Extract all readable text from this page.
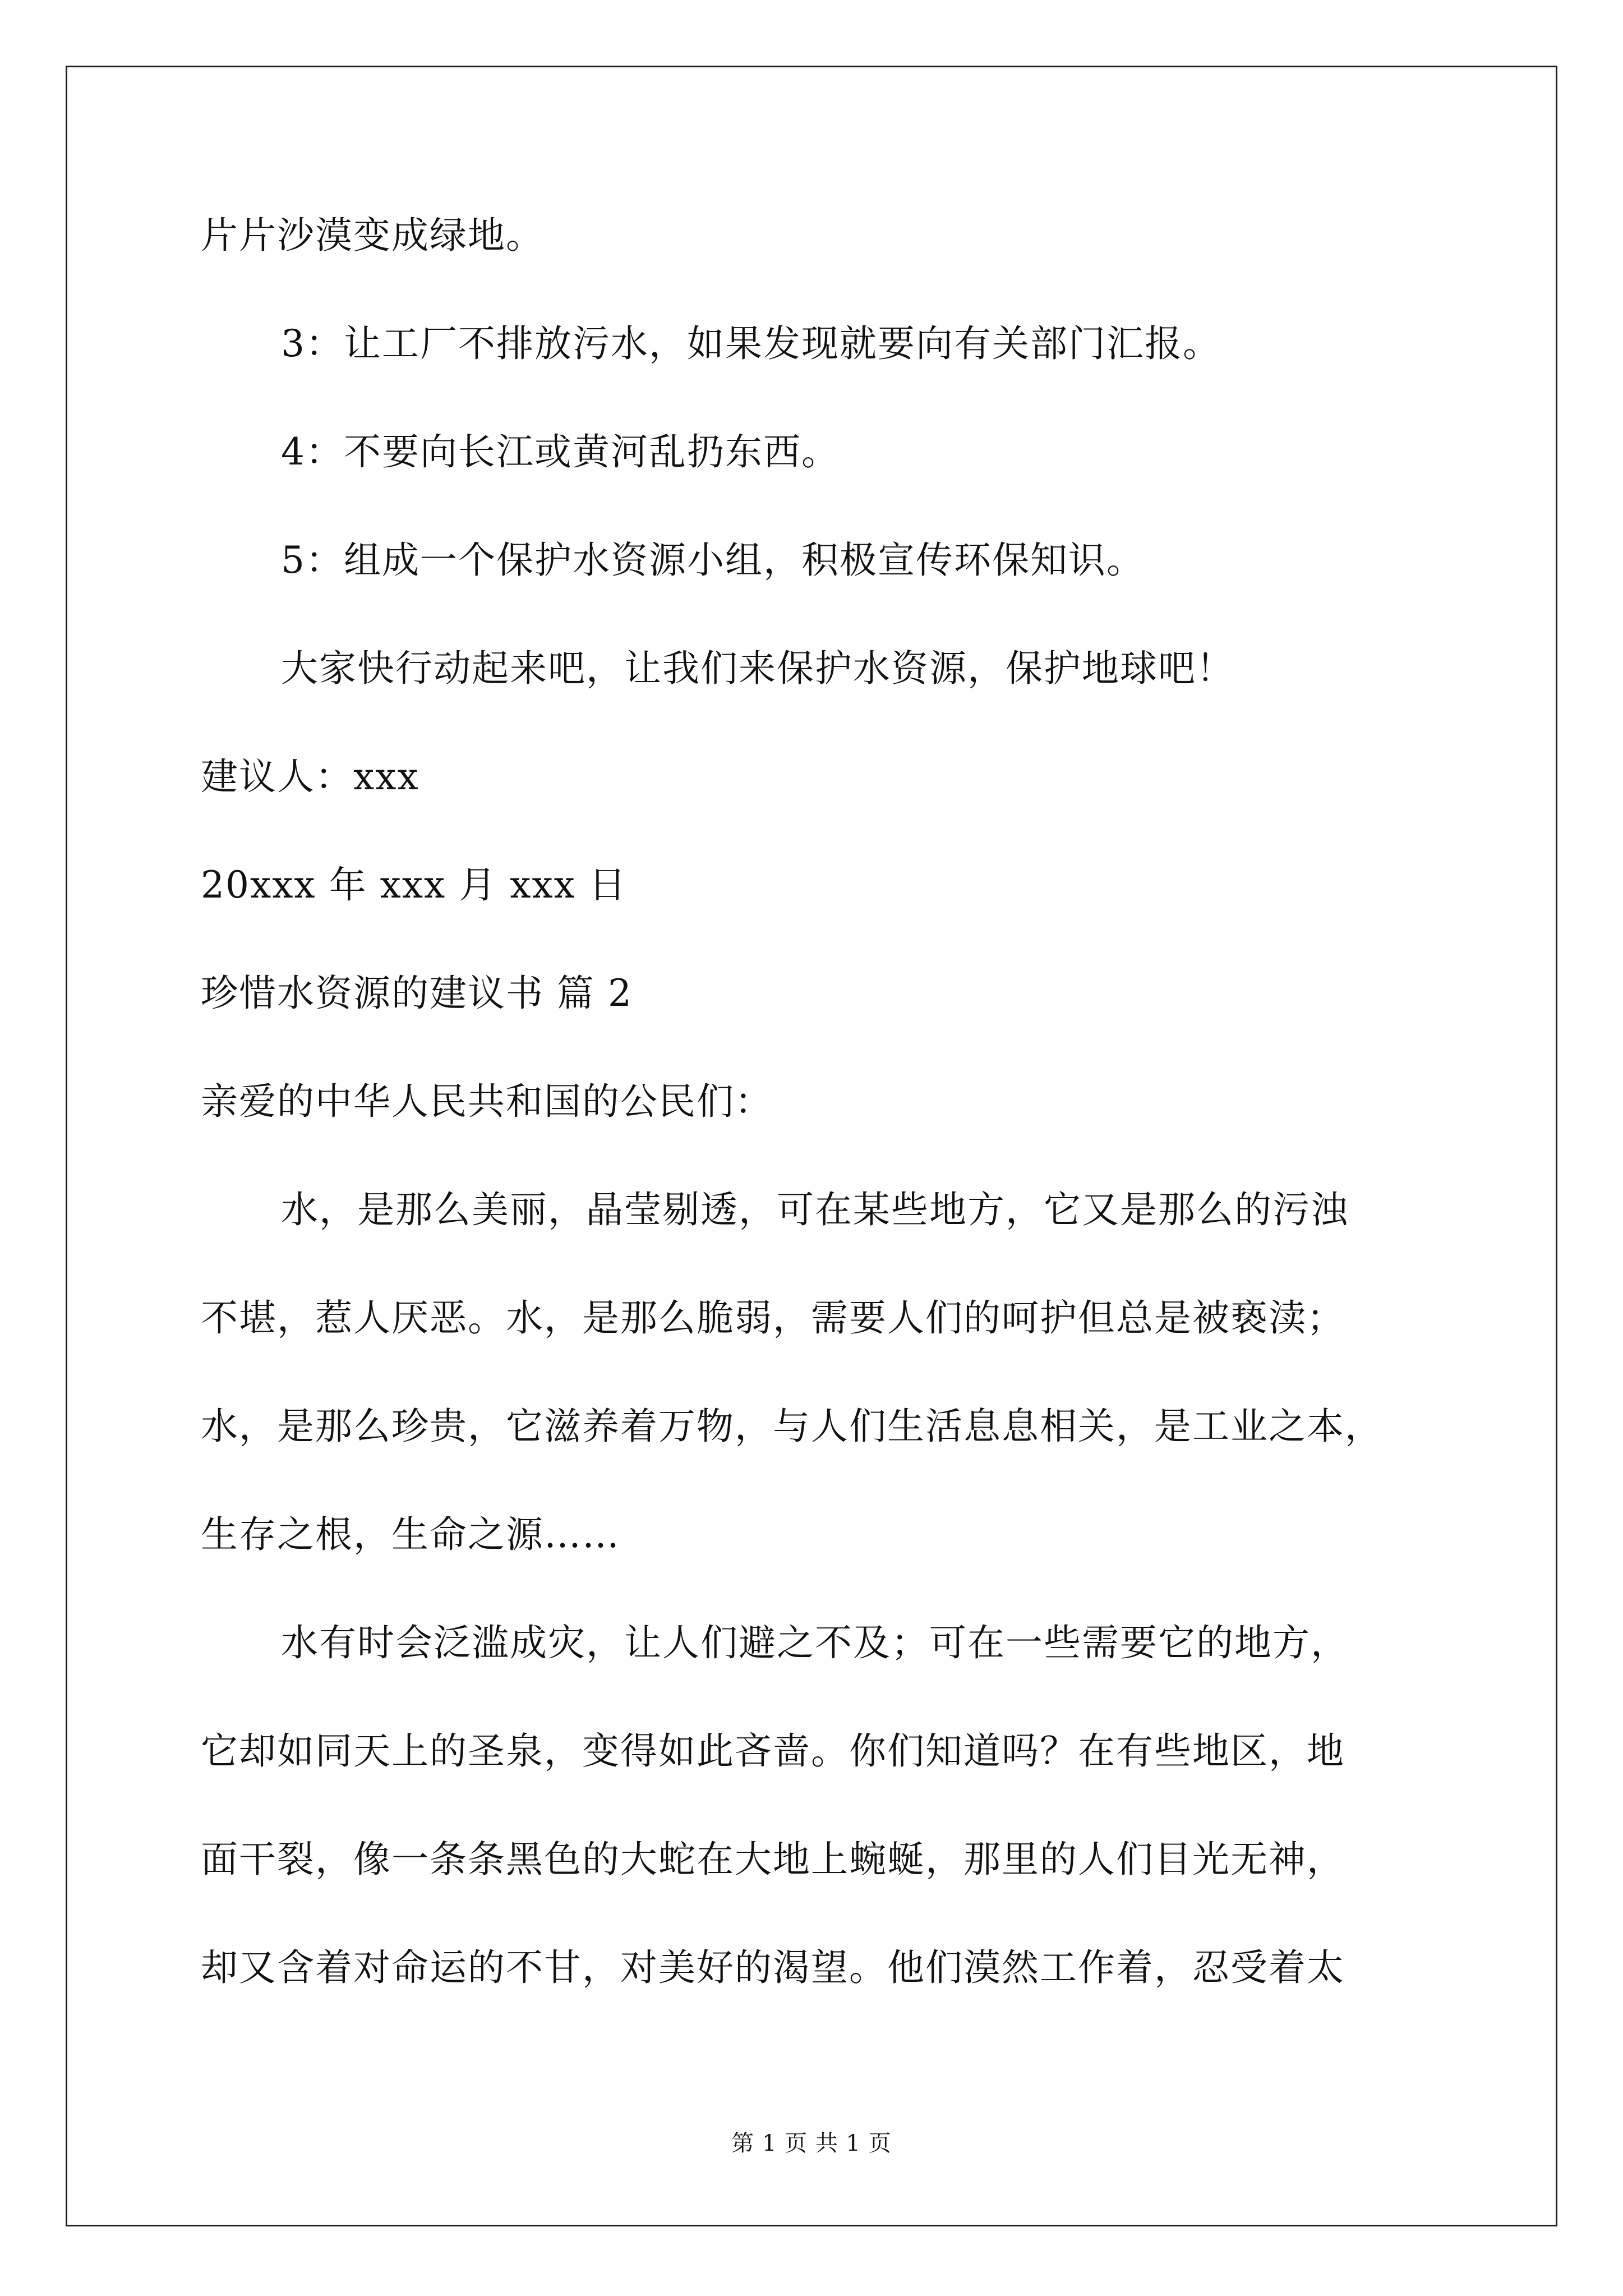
片片沙漠变成绿地。
3：让工厂不排放污水，如果发现就要向有关部门汇报。
4：不要向长江或黄河乱扔东西。
5：组成一个保护水资源小组，积极宣传环保知识。
大家快行动起来吧，让我们来保护水资源，保护地球吧！
建议人：xxx
20xxx 年 xxx 月 xxx 日
珍惜水资源的建议书 篇 2
亲爱的中华人民共和国的公民们：
水，是那么美丽，晶莹剔透，可在某些地方，它又是那么的污浊
不堪，惹人厌恶。水，是那么脆弱，需要人们的呵护但总是被亵渎；
水，是那么珍贵，它滋养着万物，与人们生活息息相关，是工业之本，
生存之根，生命之源……
水有时会泛滥成灾，让人们避之不及；可在一些需要它的地方，
它却如同天上的圣泉，变得如此吝啬。你们知道吗？在有些地区，地
面干裂，像一条条黑色的大蛇在大地上蜿蜒，那里的人们目光无神，
却又含着对命运的不甘，对美好的渴望。他们漠然工作着，忍受着太
第 1 页 共 1 页
